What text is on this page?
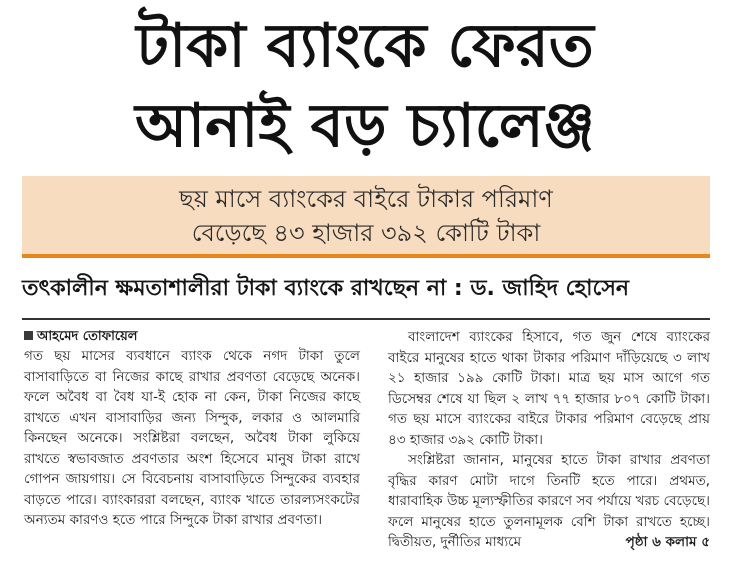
টাকা ব্যাংকে ফেরত
আনাই বড় চ্যালেঞ্জ
ছয় মাসে ব্যাংকের বাইরে টাকার পরিমাণ
বেড়েছে ৪৩ হাজার ৩৯২ কোটি টাকা
তৎকালীন ক্ষমতাশালীরা টাকা ব্যাংকে রাখছেন না : ড. জাহিদ হোসেন
আহমেদ তোফায়েল

গত ছয় মাসের ব্যবধানে ব্যাংক থেকে নগদ টাকা তুলে বাসাবাড়িতে বা নিজের কাছে রাখার প্রবণতা বেড়েছে অনেক। ফলে অবৈধ বা বৈধ যা-ই হোক না কেন, টাকা নিজের কাছে রাখতে এখন বাসাবাড়ির জন্য সিন্দুক, লকার ও আলমারি কিনছেন অনেকে। সংশ্লিষ্টরা বলছেন, অবৈধ টাকা লুকিয়ে রাখতে স্বভাবজাত প্রবণতার অংশ হিসেবে মানুষ টাকা রাখে গোপন জায়গায়। সে বিবেচনায় বাসাবাড়িতে সিন্দুকের ব্যবহার বাড়তে পারে। ব্যাংকাররা বলছেন, ব্যাংক খাতে তারল্যসংকটের অন্যতম কারণও হতে পারে সিন্দুকে টাকা রাখার প্রবণতা।

বাংলাদেশ ব্যাংকের হিসাবে, গত জুন শেষে ব্যাংকের বাইরে মানুষের হাতে থাকা টাকার পরিমাণ দাঁড়িয়েছে ৩ লাখ ২১ হাজার ১৯৯ কোটি টাকা। মাত্র ছয় মাস আগে গত ডিসেম্বর শেষে যা ছিল ২ লাখ ৭৭ হাজার ৮০৭ কোটি টাকা। গত ছয় মাসে ব্যাংকের বাইরে টাকার পরিমাণ বেড়েছে প্রায় ৪৩ হাজার ৩৯২ কোটি টাকা।

সংশ্লিষ্টরা জানান, মানুষের হাতে টাকা রাখার প্রবণতা বৃদ্ধির কারণ মোটা দাগে তিনটি হতে পারে। প্রথমত, ধারাবাহিক উচ্চ মূল্যস্ফীতির কারণে সব পর্যায়ে খরচ বেড়েছে। ফলে মানুষের হাতে তুলনামূলক বেশি টাকা রাখতে হচ্ছে। দ্বিতীয়ত, দুর্নীতির মাধ্যমে	পৃষ্ঠা ৬ কলাম ৫
